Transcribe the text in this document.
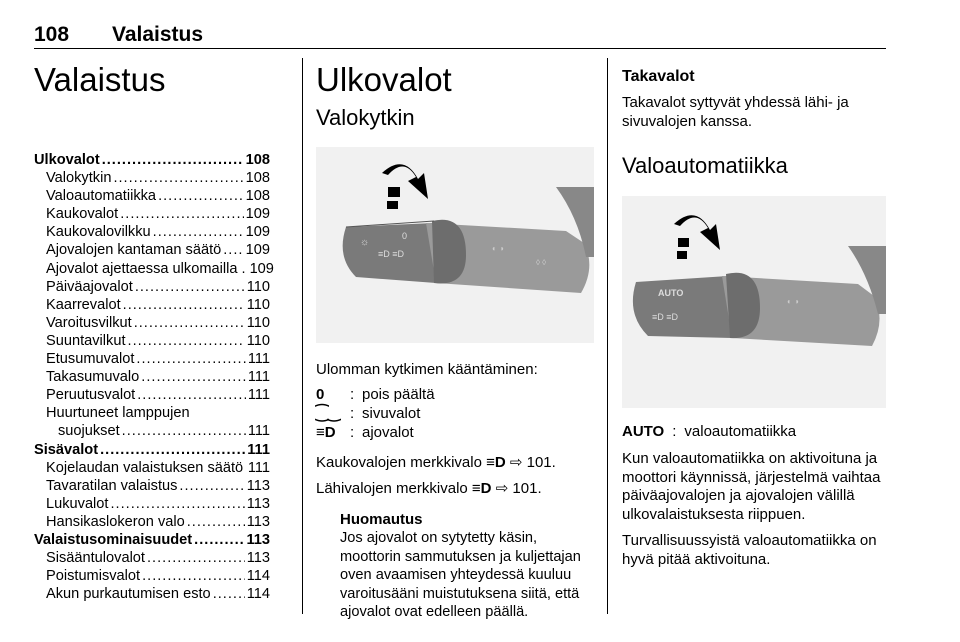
108 Valaistus
Valaistus
Ulkovalot .....	108
Valokytkin .....	108
Valoautomatiikka .....	108
Kaukovalot .....	109
Kaukovalovilkku .....	109
Ajovalojen kantaman säätö ..... 109
Ajovalot ajettaessa ulkomailla . 109
Päiväajovalot .....	110
Kaarrevalot .....	110
Varoitusvilkut .....	110
Suuntavilkut .....	110
Etusumuvalot .....	111
Takasumuvalo .....	111
Peruutusvalot .....	111
Huurtuneet lamppujen
suojukset .....	111
Sisävalot .....	111
Kojelaudan valaistuksen säätö ..... 111
Tavaratilan valaistus .....	113
Lukuvalot .....	113
Hansikaslokeron valo .....	113
Valaistusominaisuudet .....	113
Sisääntulovalot .....	113
Poistumisvalot .....	114
Akun purkautumisen esto ..... 114
Ulkovalot
Valokytkin
☼
≡D ≡D
0
◐ ◑
◊ ◊

Ulomman kytkimen kääntäminen:

0	: pois päältä
⁐‿ : sivuvalot
≡D : ajovalot

Kaukovalojen merkkivalo ≡D ⇨ 101.

Lähivalojen merkkivalo ≡D ⇨ 101.

Huomautus

Jos ajovalot on sytytetty käsin, moottorin sammutuksen ja kuljettajan oven avaamisen yhteydessä kuuluu varoitusääni muistutuksena siitä, että ajovalot ovat edelleen päällä.

Takavalot

Takavalot syttyvät yhdessä lähi- ja sivuvalojen kanssa.

Valoautomatiikka
AUTO
≡D ≡D
◐ ◑
AUTO : valoautomatiikka

Kun valoautomatiikka on aktivoituna ja moottori käynnissä, järjestelmä vaihtaa päiväajovalojen ja ajovalojen välillä ulkovalaistuksesta riippuen.

Turvallisuussyistä valoautomatiikka on hyvä pitää aktivoituna.
